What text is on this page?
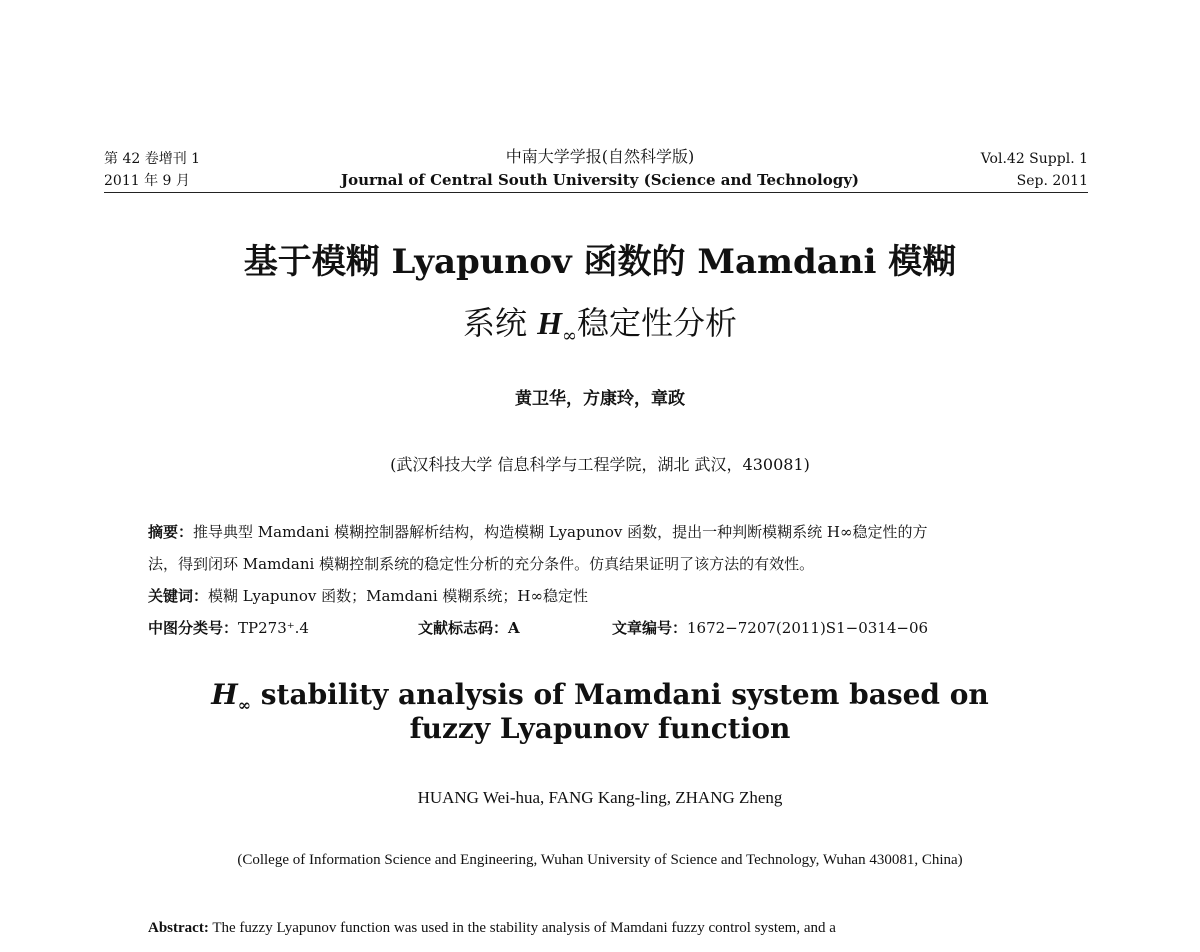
第 42 卷增刊 1
2011 年 9 月
中南大学学报(自然科学版)
Journal of Central South University (Science and Technology)
Vol.42 Suppl. 1
Sep. 2011
基于模糊 Lyapunov 函数的 Mamdani 模糊
系统 $H_\infty$稳定性分析
黄卫华，方康玲，章政
(武汉科技大学 信息科学与工程学院，湖北 武汉，430081)
摘要：推导典型 Mamdani 模糊控制器解析结构，构造模糊 Lyapunov 函数，提出一种判断模糊系统 H∞稳定性的方
法，得到闭环 Mamdani 模糊控制系统的稳定性分析的充分条件。仿真结果证明了该方法的有效性。
关键词：模糊 Lyapunov 函数；Mamdani 模糊系统；H∞稳定性
中图分类号：TP273⁺.4	文献标志码：A	文章编号：1672−7207(2011)S1−0314−06
$H_\infty$ stability analysis of Mamdani system based on
fuzzy Lyapunov function
HUANG Wei-hua, FANG Kang-ling, ZHANG Zheng
(College of Information Science and Engineering, Wuhan University of Science and Technology, Wuhan 430081, China)
Abstract: The fuzzy Lyapunov function was used in the stability analysis of Mamdani fuzzy control system, and a
